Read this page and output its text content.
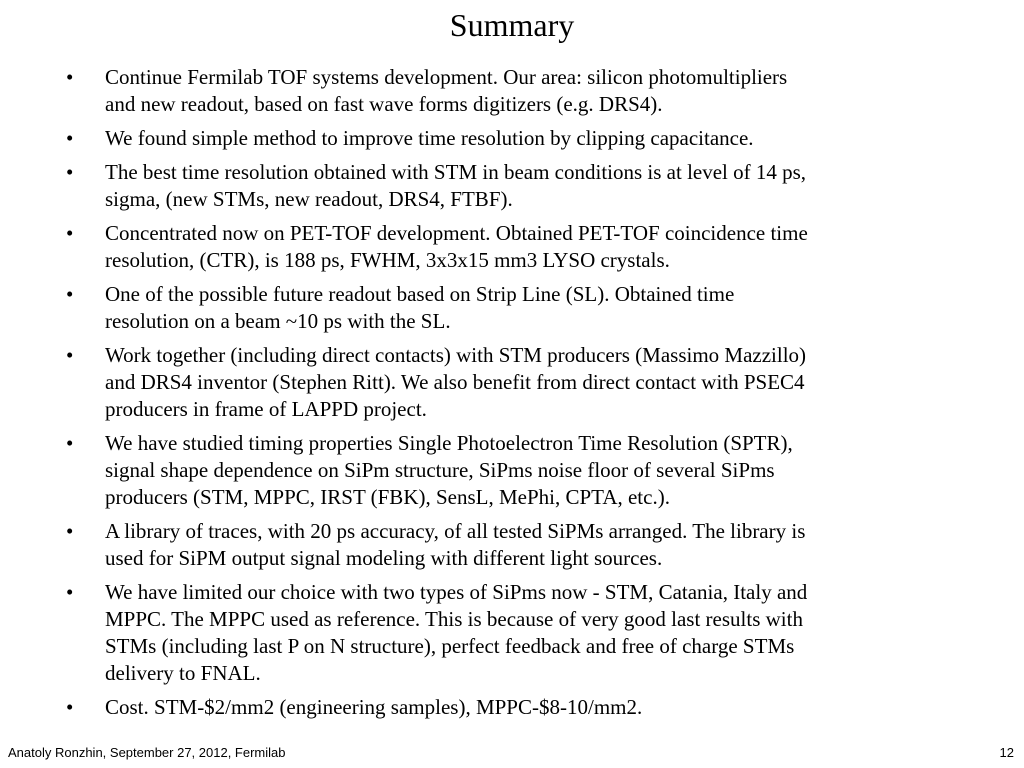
Summary
• Continue Fermilab TOF systems development. Our area: silicon photomultipliers
and new readout, based on fast wave forms digitizers (e.g. DRS4).
• We found simple method to improve time resolution by clipping capacitance.
• The best time resolution obtained with STM in beam conditions is at level of 14 ps,
sigma, (new STMs, new readout, DRS4, FTBF).
• Concentrated now on PET-TOF development. Obtained PET-TOF coincidence time
resolution, (CTR), is 188 ps, FWHM, 3x3x15 mm3 LYSO crystals.
• One of the possible future readout based on Strip Line (SL). Obtained time
resolution on a beam ~10 ps with the SL.
• Work together (including direct contacts) with STM producers (Massimo Mazzillo)
and DRS4 inventor (Stephen Ritt). We also benefit from direct contact with PSEC4
producers in frame of LAPPD project.
• We have studied timing properties Single Photoelectron Time Resolution (SPTR),
signal shape dependence on SiPm structure, SiPms noise floor of several SiPms
producers (STM, MPPC, IRST (FBK), SensL, MePhi, CPTA, etc.).
• A library of traces, with 20 ps accuracy, of all tested SiPMs arranged. The library is
used for SiPM output signal modeling with different light sources.
• We have limited our choice with two types of SiPms now - STM, Catania, Italy and
MPPC. The MPPC used as reference. This is because of very good last results with
STMs (including last P on N structure), perfect feedback and free of charge STMs
delivery to FNAL.
• Cost. STM-$2/mm2 (engineering samples), MPPC-$8-10/mm2.
Anatoly Ronzhin, September 27, 2012, Fermilab	12
